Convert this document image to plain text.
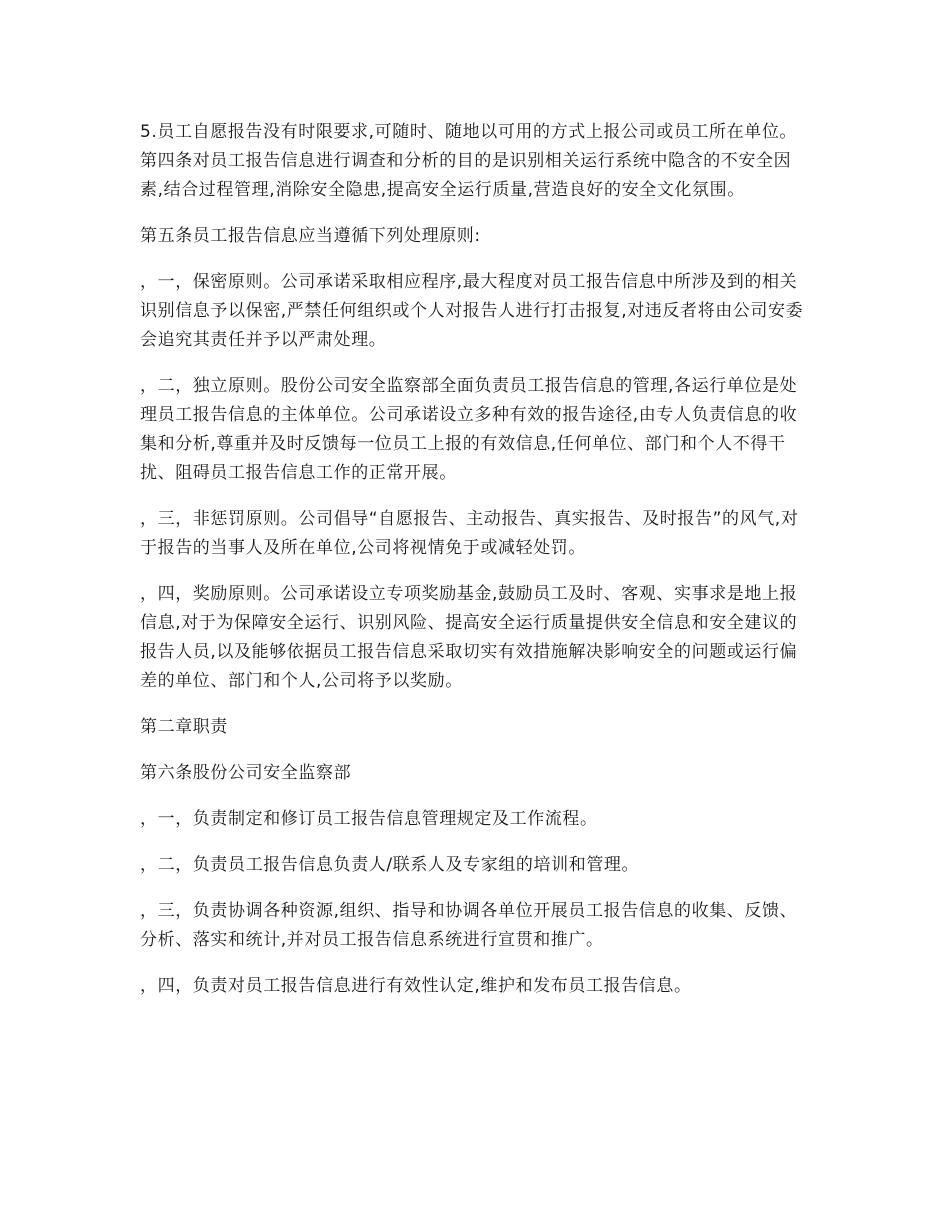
5.员工自愿报告没有时限要求,可随时、随地以可用的方式上报公司或员工所在单位。 第四条对员工报告信息进行调查和分析的目的是识别相关运行系统中隐含的不安全因素,结合过程管理,消除安全隐患,提高安全运行质量,营造良好的安全文化氛围。

第五条员工报告信息应当遵循下列处理原则:

，一，保密原则。公司承诺采取相应程序,最大程度对员工报告信息中所涉及到的相关识别信息予以保密,严禁任何组织或个人对报告人进行打击报复,对违反者将由公司安委会追究其责任并予以严肃处理。

，二，独立原则。股份公司安全监察部全面负责员工报告信息的管理,各运行单位是处理员工报告信息的主体单位。公司承诺设立多种有效的报告途径,由专人负责信息的收集和分析,尊重并及时反馈每一位员工上报的有效信息,任何单位、部门和个人不得干扰、阻碍员工报告信息工作的正常开展。

，三，非惩罚原则。公司倡导“自愿报告、主动报告、真实报告、及时报告”的风气,对于报告的当事人及所在单位,公司将视情免于或减轻处罚。

，四，奖励原则。公司承诺设立专项奖励基金,鼓励员工及时、客观、实事求是地上报信息,对于为保障安全运行、识别风险、提高安全运行质量提供安全信息和安全建议的报告人员,以及能够依据员工报告信息采取切实有效措施解决影响安全的问题或运行偏差的单位、部门和个人,公司将予以奖励。

第二章职责

第六条股份公司安全监察部

，一，负责制定和修订员工报告信息管理规定及工作流程。

，二，负责员工报告信息负责人/联系人及专家组的培训和管理。

，三，负责协调各种资源,组织、指导和协调各单位开展员工报告信息的收集、反馈、分析、落实和统计,并对员工报告信息系统进行宣贯和推广。

，四，负责对员工报告信息进行有效性认定,维护和发布员工报告信息。
